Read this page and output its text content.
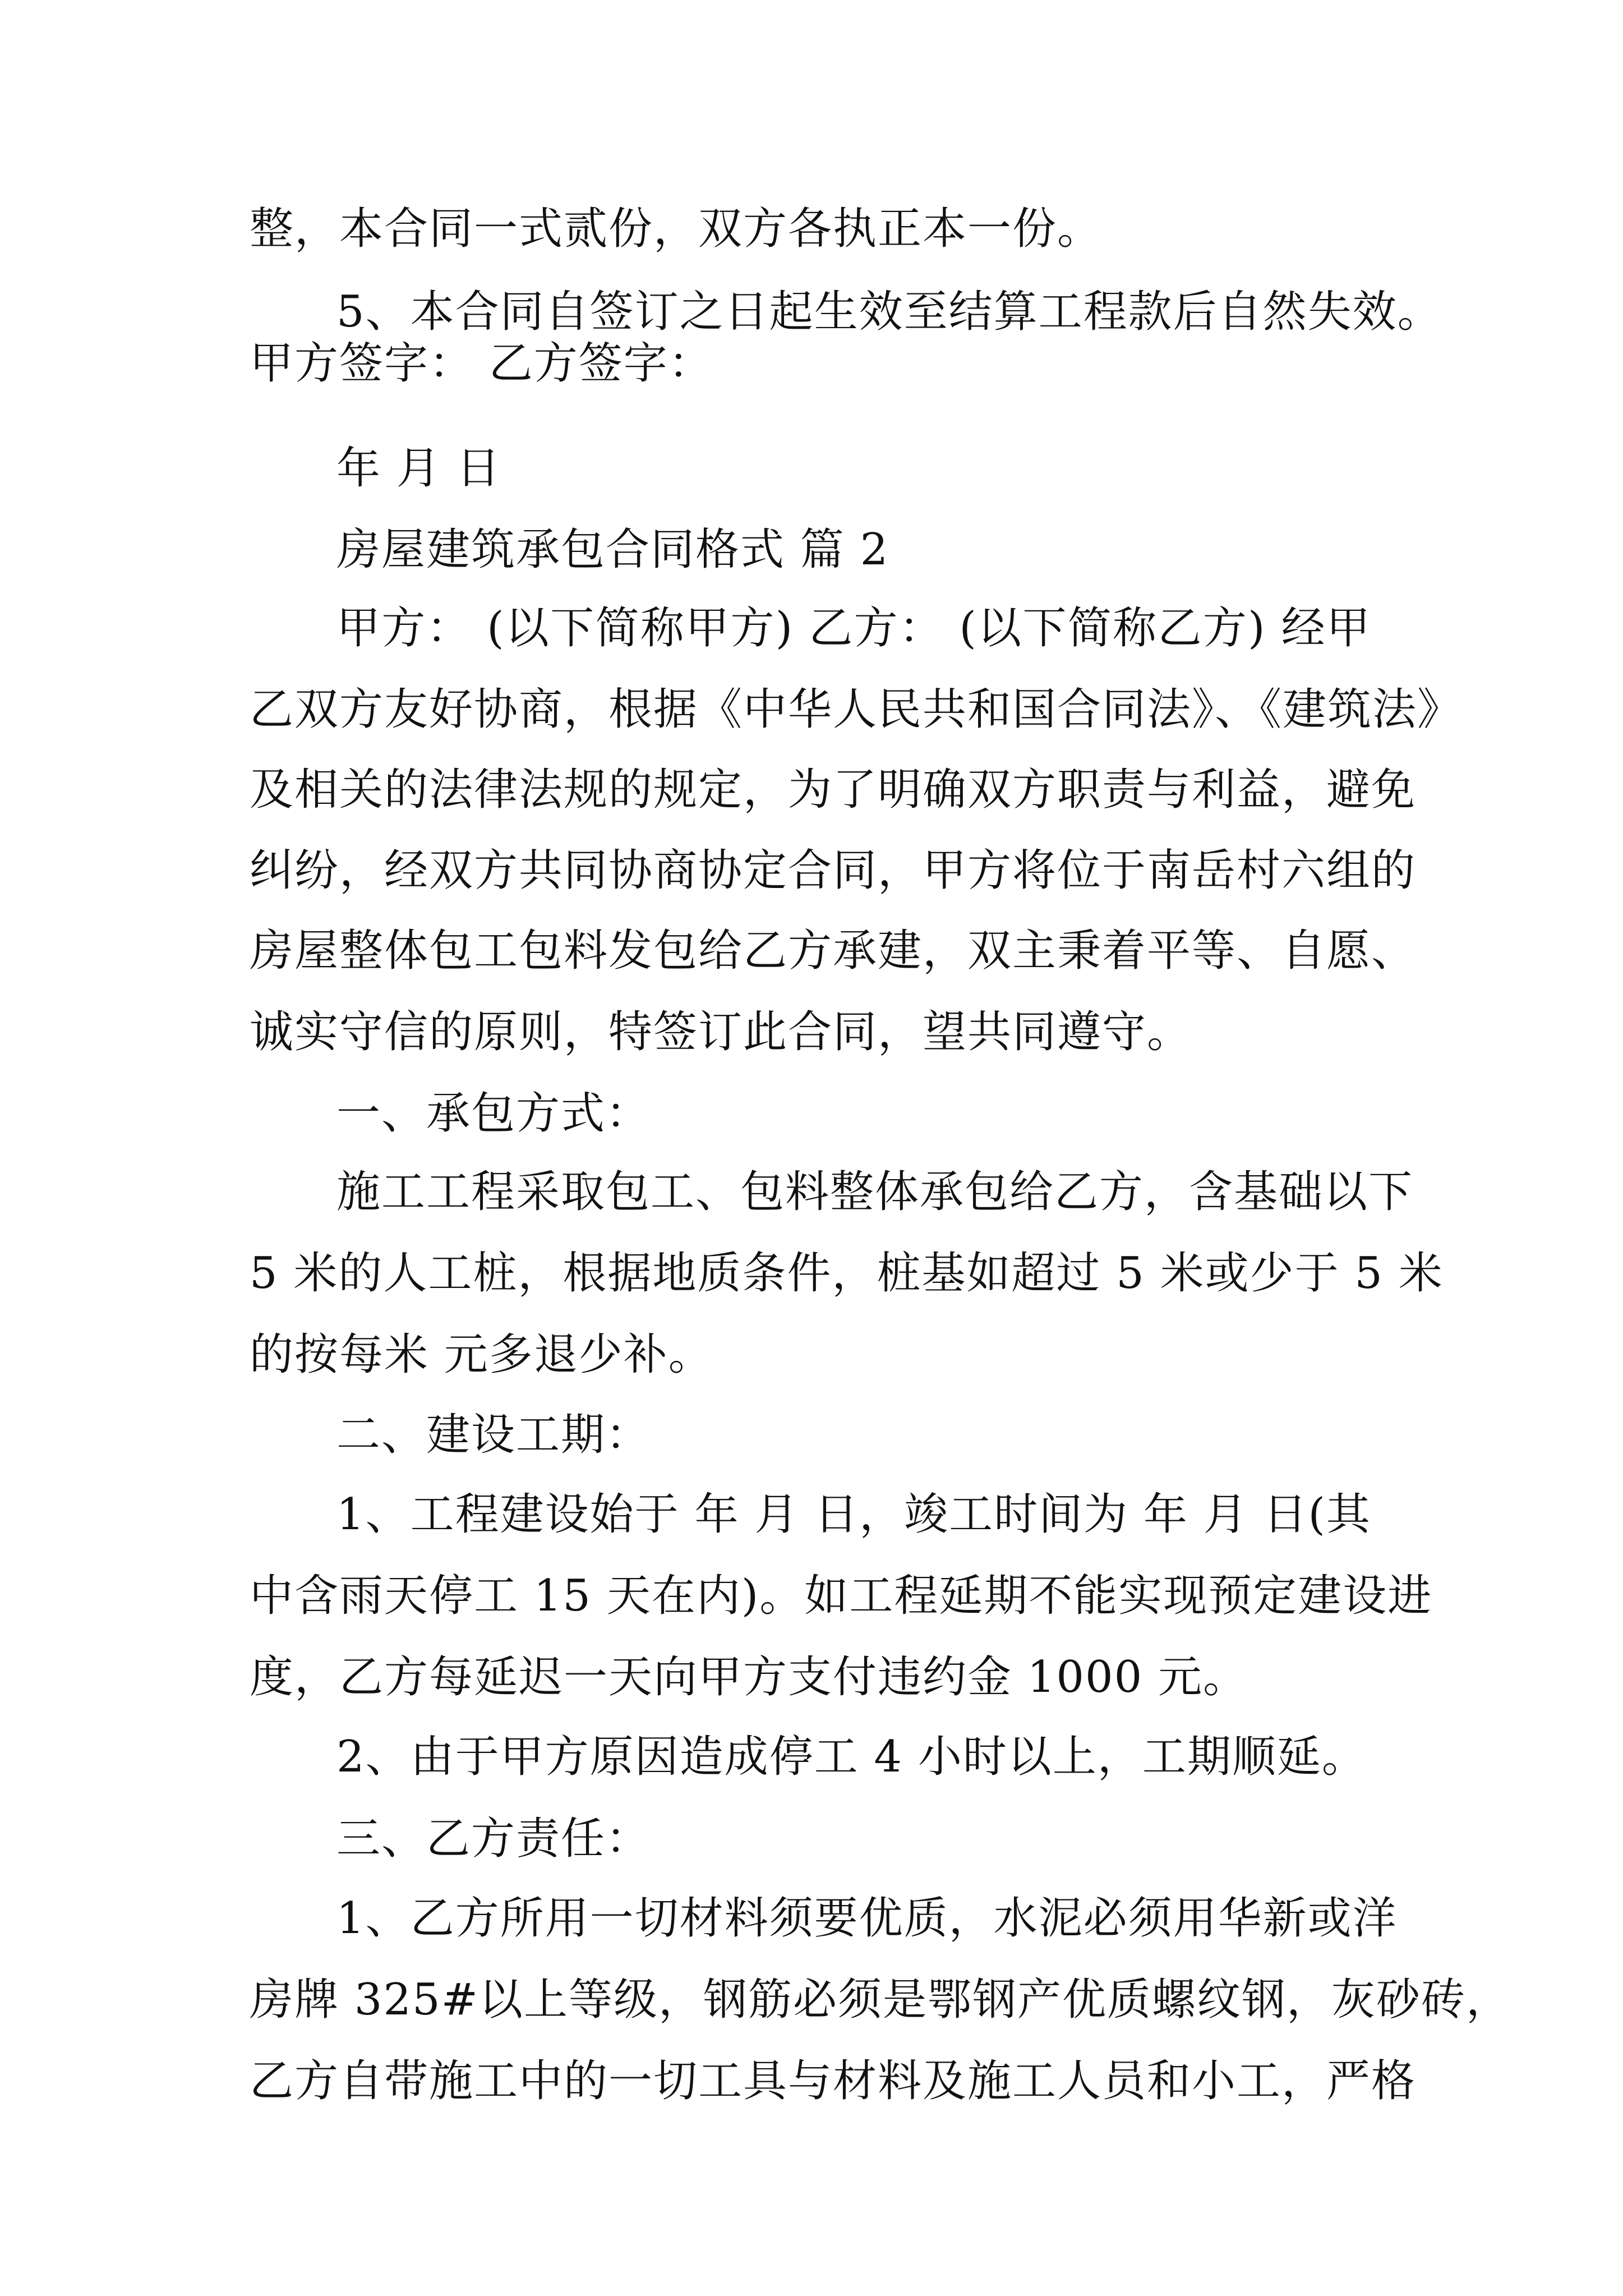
整，本合同一式贰份，双方各执正本一份。
5、本合同自签订之日起生效至结算工程款后自然失效。
甲方签字： 乙方签字：
年 月 日
房屋建筑承包合同格式 篇 2
甲方： (以下简称甲方) 乙方： (以下简称乙方) 经甲
乙双方友好协商，根据《中华人民共和国合同法》、《建筑法》
及相关的法律法规的规定，为了明确双方职责与利益，避免
纠纷，经双方共同协商协定合同，甲方将位于南岳村六组的
房屋整体包工包料发包给乙方承建，双主秉着平等、自愿、
诚实守信的原则，特签订此合同，望共同遵守。
一、承包方式：
施工工程采取包工、包料整体承包给乙方，含基础以下
5 米的人工桩，根据地质条件，桩基如超过 5 米或少于 5 米
的按每米 元多退少补。
二、建设工期：
1、工程建设始于 年 月 日，竣工时间为 年 月 日(其
中含雨天停工 15 天在内)。如工程延期不能实现预定建设进
度，乙方每延迟一天向甲方支付违约金 1000 元。
2、由于甲方原因造成停工 4 小时以上，工期顺延。
三、乙方责任：
1、乙方所用一切材料须要优质，水泥必须用华新或洋
房牌 325#以上等级，钢筋必须是鄂钢产优质螺纹钢，灰砂砖，
乙方自带施工中的一切工具与材料及施工人员和小工，严格
